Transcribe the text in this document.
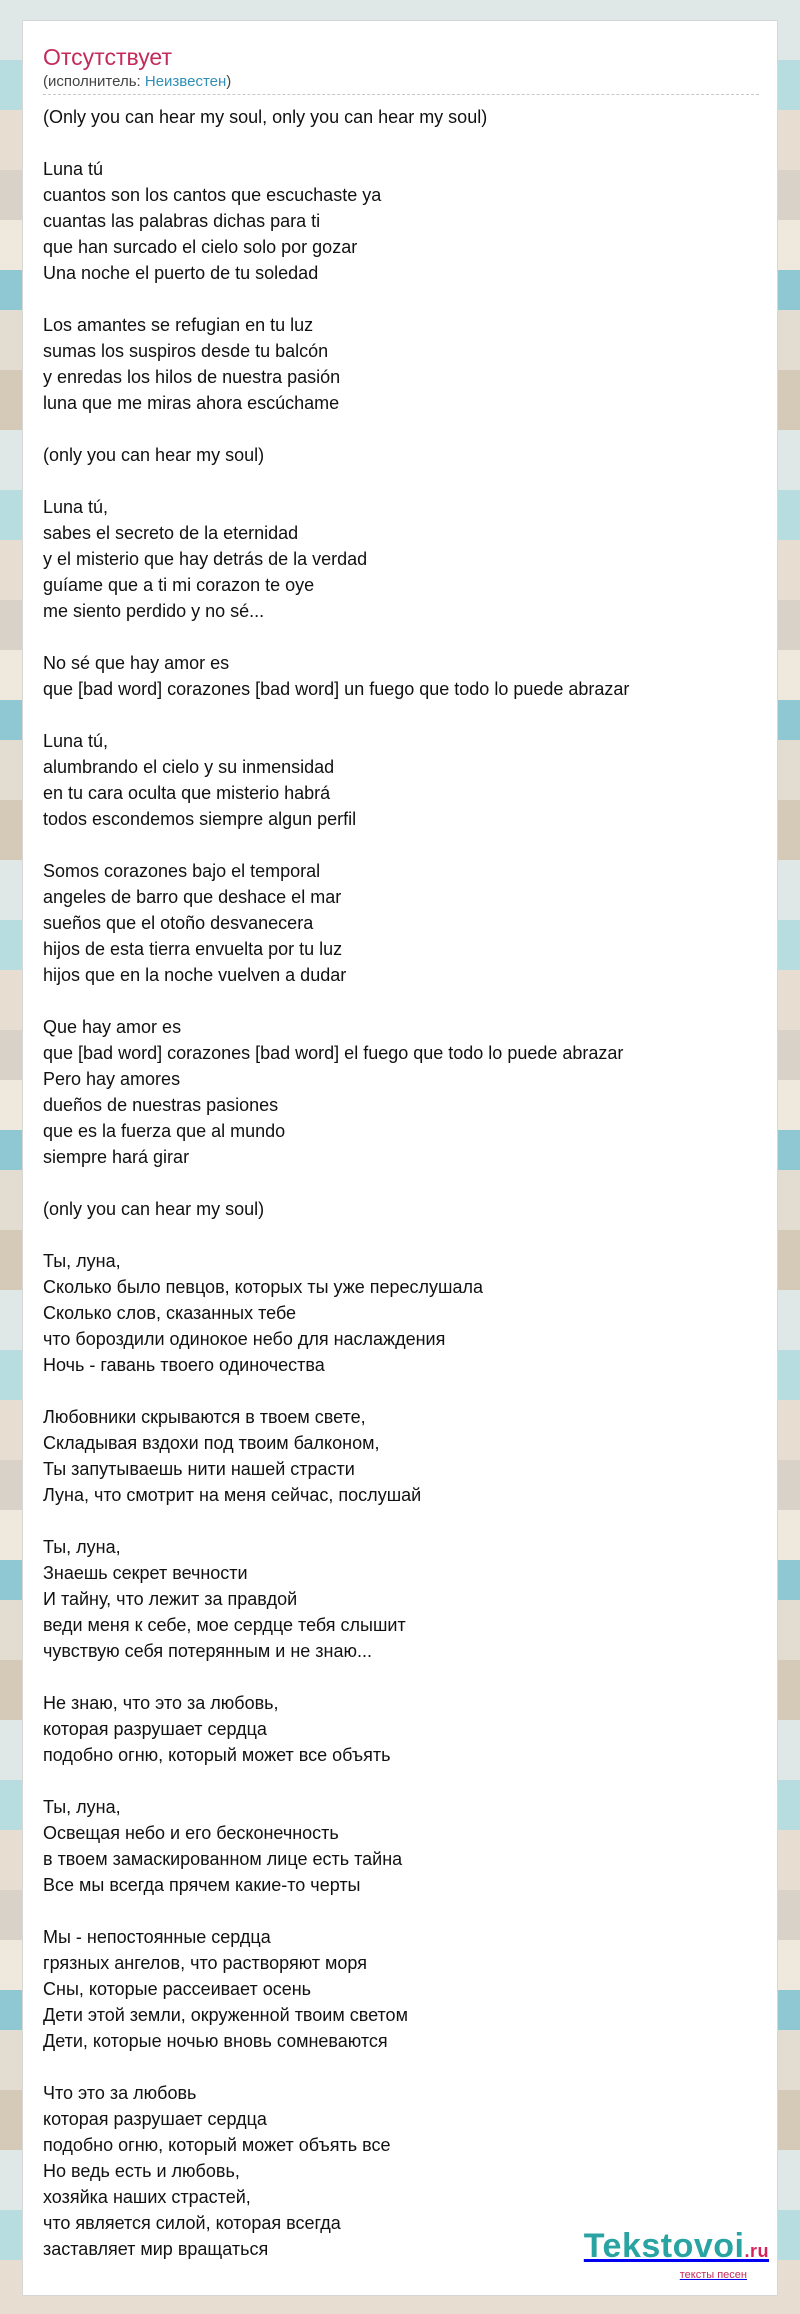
Отсутствует
(исполнитель: Неизвестен)
(Only you can hear my soul, only you can hear my soul)

Luna tú
cuantos son los cantos que escuchaste ya
cuantas las palabras dichas para ti
que han surcado el cielo solo por gozar
Una noche el puerto de tu soledad

Los amantes se refugian en tu luz
sumas los suspiros desde tu balcón
y enredas los hilos de nuestra pasión
luna que me miras ahora escúchame

(only you can hear my soul)

Luna tú,
sabes el secreto de la eternidad
y el misterio que hay detrás de la verdad
guíame que a ti mi corazon te oye
me siento perdido y no sé...

No sé que hay amor es
que [bad word] corazones [bad word] un fuego que todo lo puede abrazar

Luna tú,
alumbrando el cielo y su inmensidad
en tu cara oculta que misterio habrá
todos escondemos siempre algun perfil

Somos corazones bajo el temporal
angeles de barro que deshace el mar
sueños que el otoño desvanecera
hijos de esta tierra envuelta por tu luz
hijos que en la noche vuelven a dudar

Que hay amor es
que [bad word] corazones [bad word] el fuego que todo lo puede abrazar
Pero hay amores
dueños de nuestras pasiones
que es la fuerza que al mundo
siempre hará girar

(only you can hear my soul)

Ты, луна,
Сколько было певцов, которых ты уже переслушала
Сколько слов, сказанных тебе
что бороздили одинокое небо для наслаждения
Ночь - гавань твоего одиночества

Любовники скрываются в твоем свете,
Складывая вздохи под твоим балконом,
Ты запутываешь нити нашей страсти
Луна, что смотрит на меня сейчас, послушай

Ты, луна,
Знаешь секрет вечности
И тайну, что лежит за правдой
веди меня к себе, мое сердце тебя слышит
чувствую себя потерянным и не знаю...

Не знаю, что это за любовь,
которая разрушает сердца
подобно огню, который может все объять

Ты, луна,
Освещая небо и его бесконечность
в твоем замаскированном лице есть тайна
Все мы всегда прячем какие-то черты

Мы - непостоянные сердца
грязных ангелов, что растворяют моря
Сны, которые рассеивает осень
Дети этой земли, окруженной твоим светом
Дети, которые ночью вновь сомневаются

Что это за любовь
которая разрушает сердца
подобно огню, который может объять все
Но ведь есть и любовь,
хозяйка наших страстей,
что является силой, которая всегда
заставляет мир вращаться	Tekstovoi.ru
тексты песен
